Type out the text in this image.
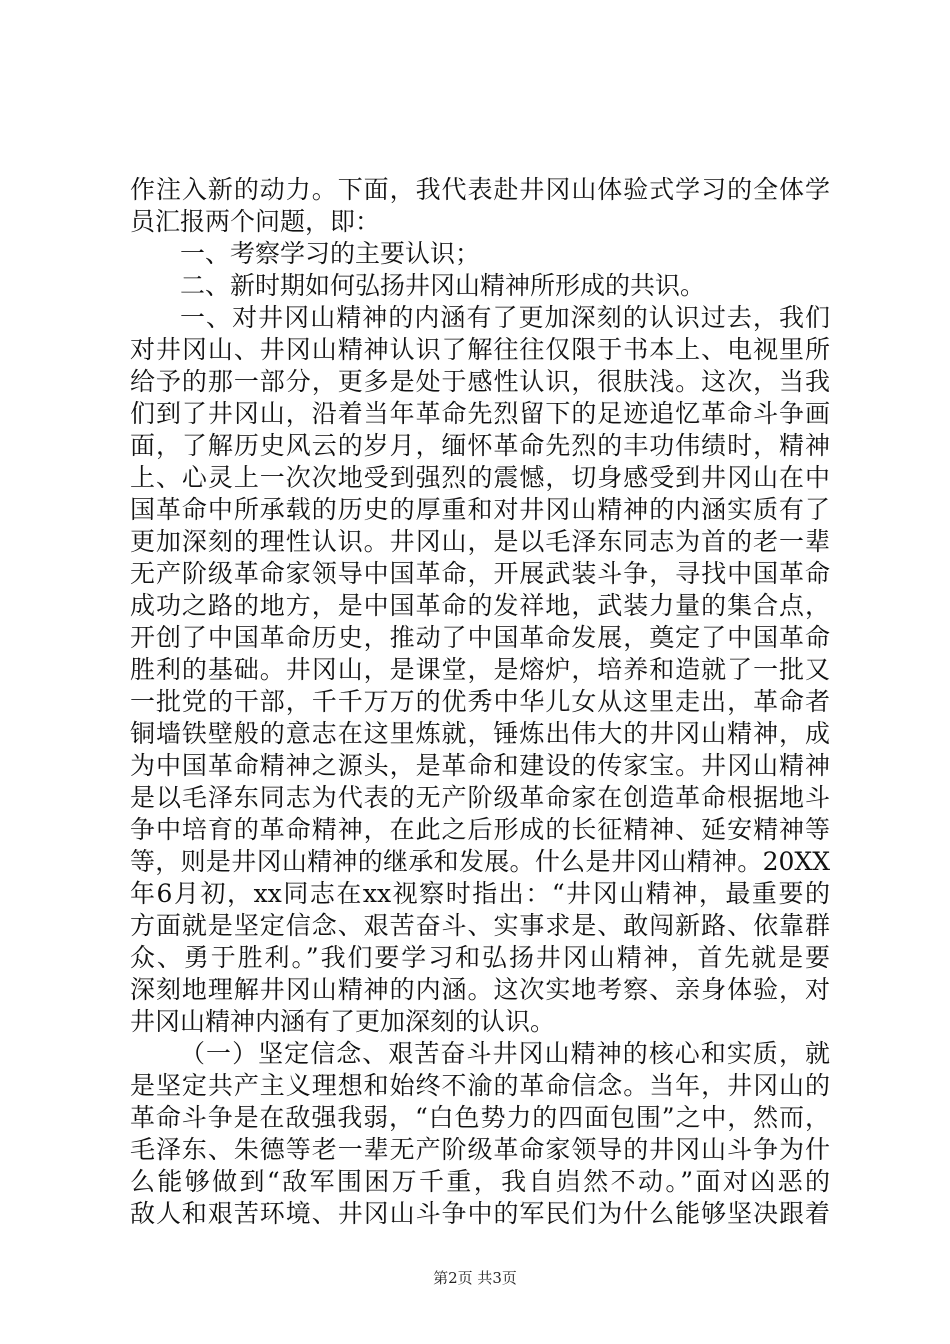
作注入新的动力。下面，我代表赴井冈山体验式学习的全体学
员汇报两个问题，即：
一、考察学习的主要认识；
二、新时期如何弘扬井冈山精神所形成的共识。
一、对井冈山精神的内涵有了更加深刻的认识过去，我们
对井冈山、井冈山精神认识了解往往仅限于书本上、电视里所
给予的那一部分，更多是处于感性认识，很肤浅。这次，当我
们到了井冈山，沿着当年革命先烈留下的足迹追忆革命斗争画
面，了解历史风云的岁月，缅怀革命先烈的丰功伟绩时，精神
上、心灵上一次次地受到强烈的震憾，切身感受到井冈山在中
国革命中所承载的历史的厚重和对井冈山精神的内涵实质有了
更加深刻的理性认识。井冈山，是以毛泽东同志为首的老一辈
无产阶级革命家领导中国革命，开展武装斗争，寻找中国革命
成功之路的地方，是中国革命的发祥地，武装力量的集合点，
开创了中国革命历史，推动了中国革命发展，奠定了中国革命
胜利的基础。井冈山，是课堂，是熔炉，培养和造就了一批又
一批党的干部，千千万万的优秀中华儿女从这里走出，革命者
铜墙铁壁般的意志在这里炼就，锤炼出伟大的井冈山精神，成
为中国革命精神之源头，是革命和建设的传家宝。井冈山精神
是以毛泽东同志为代表的无产阶级革命家在创造革命根据地斗
争中培育的革命精神，在此之后形成的长征精神、延安精神等
等，则是井冈山精神的继承和发展。什么是井冈山精神。20XX
年6月初，xx同志在xx视察时指出：“井冈山精神，最重要的
方面就是坚定信念、艰苦奋斗、实事求是、敢闯新路、依靠群
众、勇于胜利。”我们要学习和弘扬井冈山精神，首先就是要
深刻地理解井冈山精神的内涵。这次实地考察、亲身体验，对
井冈山精神内涵有了更加深刻的认识。
（一）坚定信念、艰苦奋斗井冈山精神的核心和实质，就
是坚定共产主义理想和始终不渝的革命信念。当年，井冈山的
革命斗争是在敌强我弱，“白色势力的四面包围”之中，然而，
毛泽东、朱德等老一辈无产阶级革命家领导的井冈山斗争为什
么能够做到“敌军围困万千重，我自岿然不动。”面对凶恶的
敌人和艰苦环境、井冈山斗争中的军民们为什么能够坚决跟着
第2页 共3页
